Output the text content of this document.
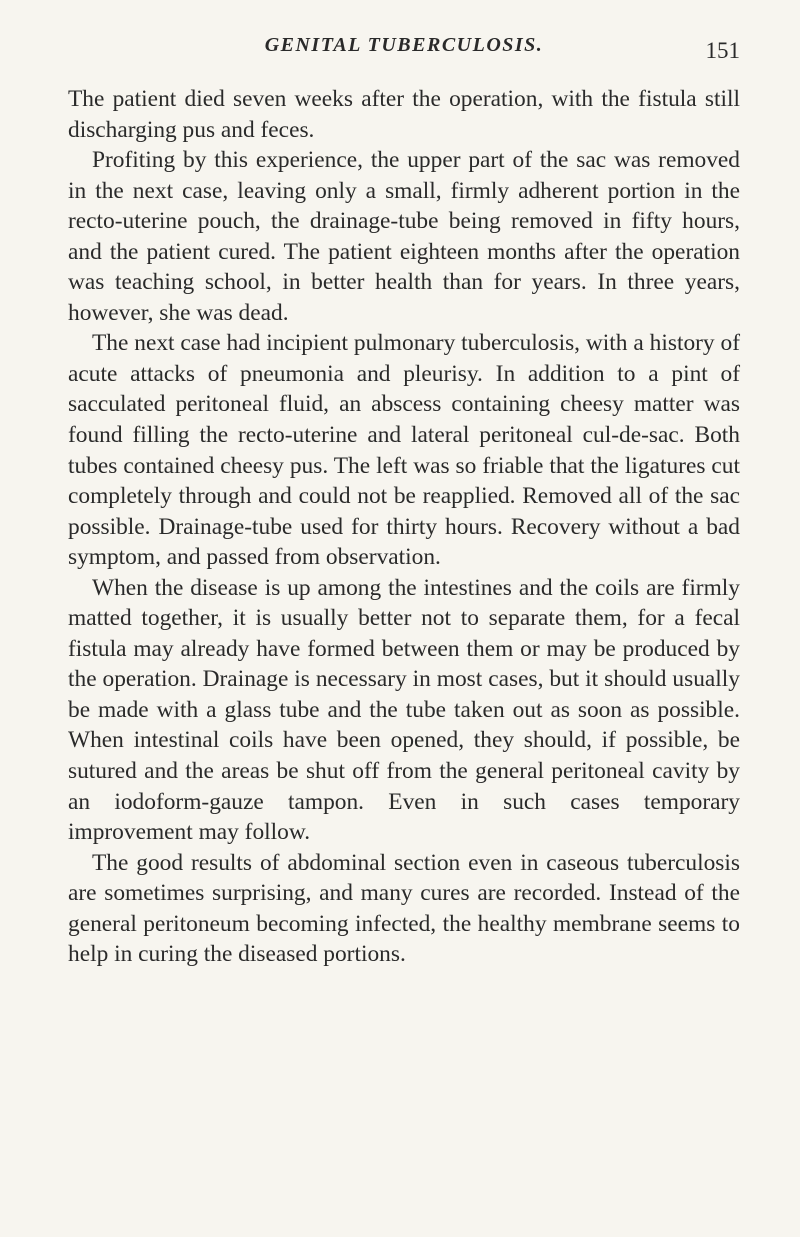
GENITAL TUBERCULOSIS.	151

The patient died seven weeks after the operation, with the fistula still discharging pus and feces.

Profiting by this experience, the upper part of the sac was removed in the next case, leaving only a small, firmly adherent portion in the recto-uterine pouch, the drainage-tube being removed in fifty hours, and the patient cured. The patient eighteen months after the operation was teaching school, in better health than for years. In three years, however, she was dead.

The next case had incipient pulmonary tuberculosis, with a history of acute attacks of pneumonia and pleurisy. In addition to a pint of sacculated peritoneal fluid, an abscess containing cheesy matter was found filling the recto-uterine and lateral peritoneal cul-de-sac. Both tubes contained cheesy pus. The left was so friable that the ligatures cut completely through and could not be reapplied. Removed all of the sac possible. Drainage-tube used for thirty hours. Recovery without a bad symptom, and passed from observation.

When the disease is up among the intestines and the coils are firmly matted together, it is usually better not to separate them, for a fecal fistula may already have formed between them or may be produced by the operation. Drainage is necessary in most cases, but it should usually be made with a glass tube and the tube taken out as soon as possible. When intestinal coils have been opened, they should, if possible, be sutured and the areas be shut off from the general peritoneal cavity by an iodoform-gauze tampon. Even in such cases temporary improvement may follow.

The good results of abdominal section even in caseous tuberculosis are sometimes surprising, and many cures are recorded. Instead of the general peritoneum becoming infected, the healthy membrane seems to help in curing the diseased portions.
